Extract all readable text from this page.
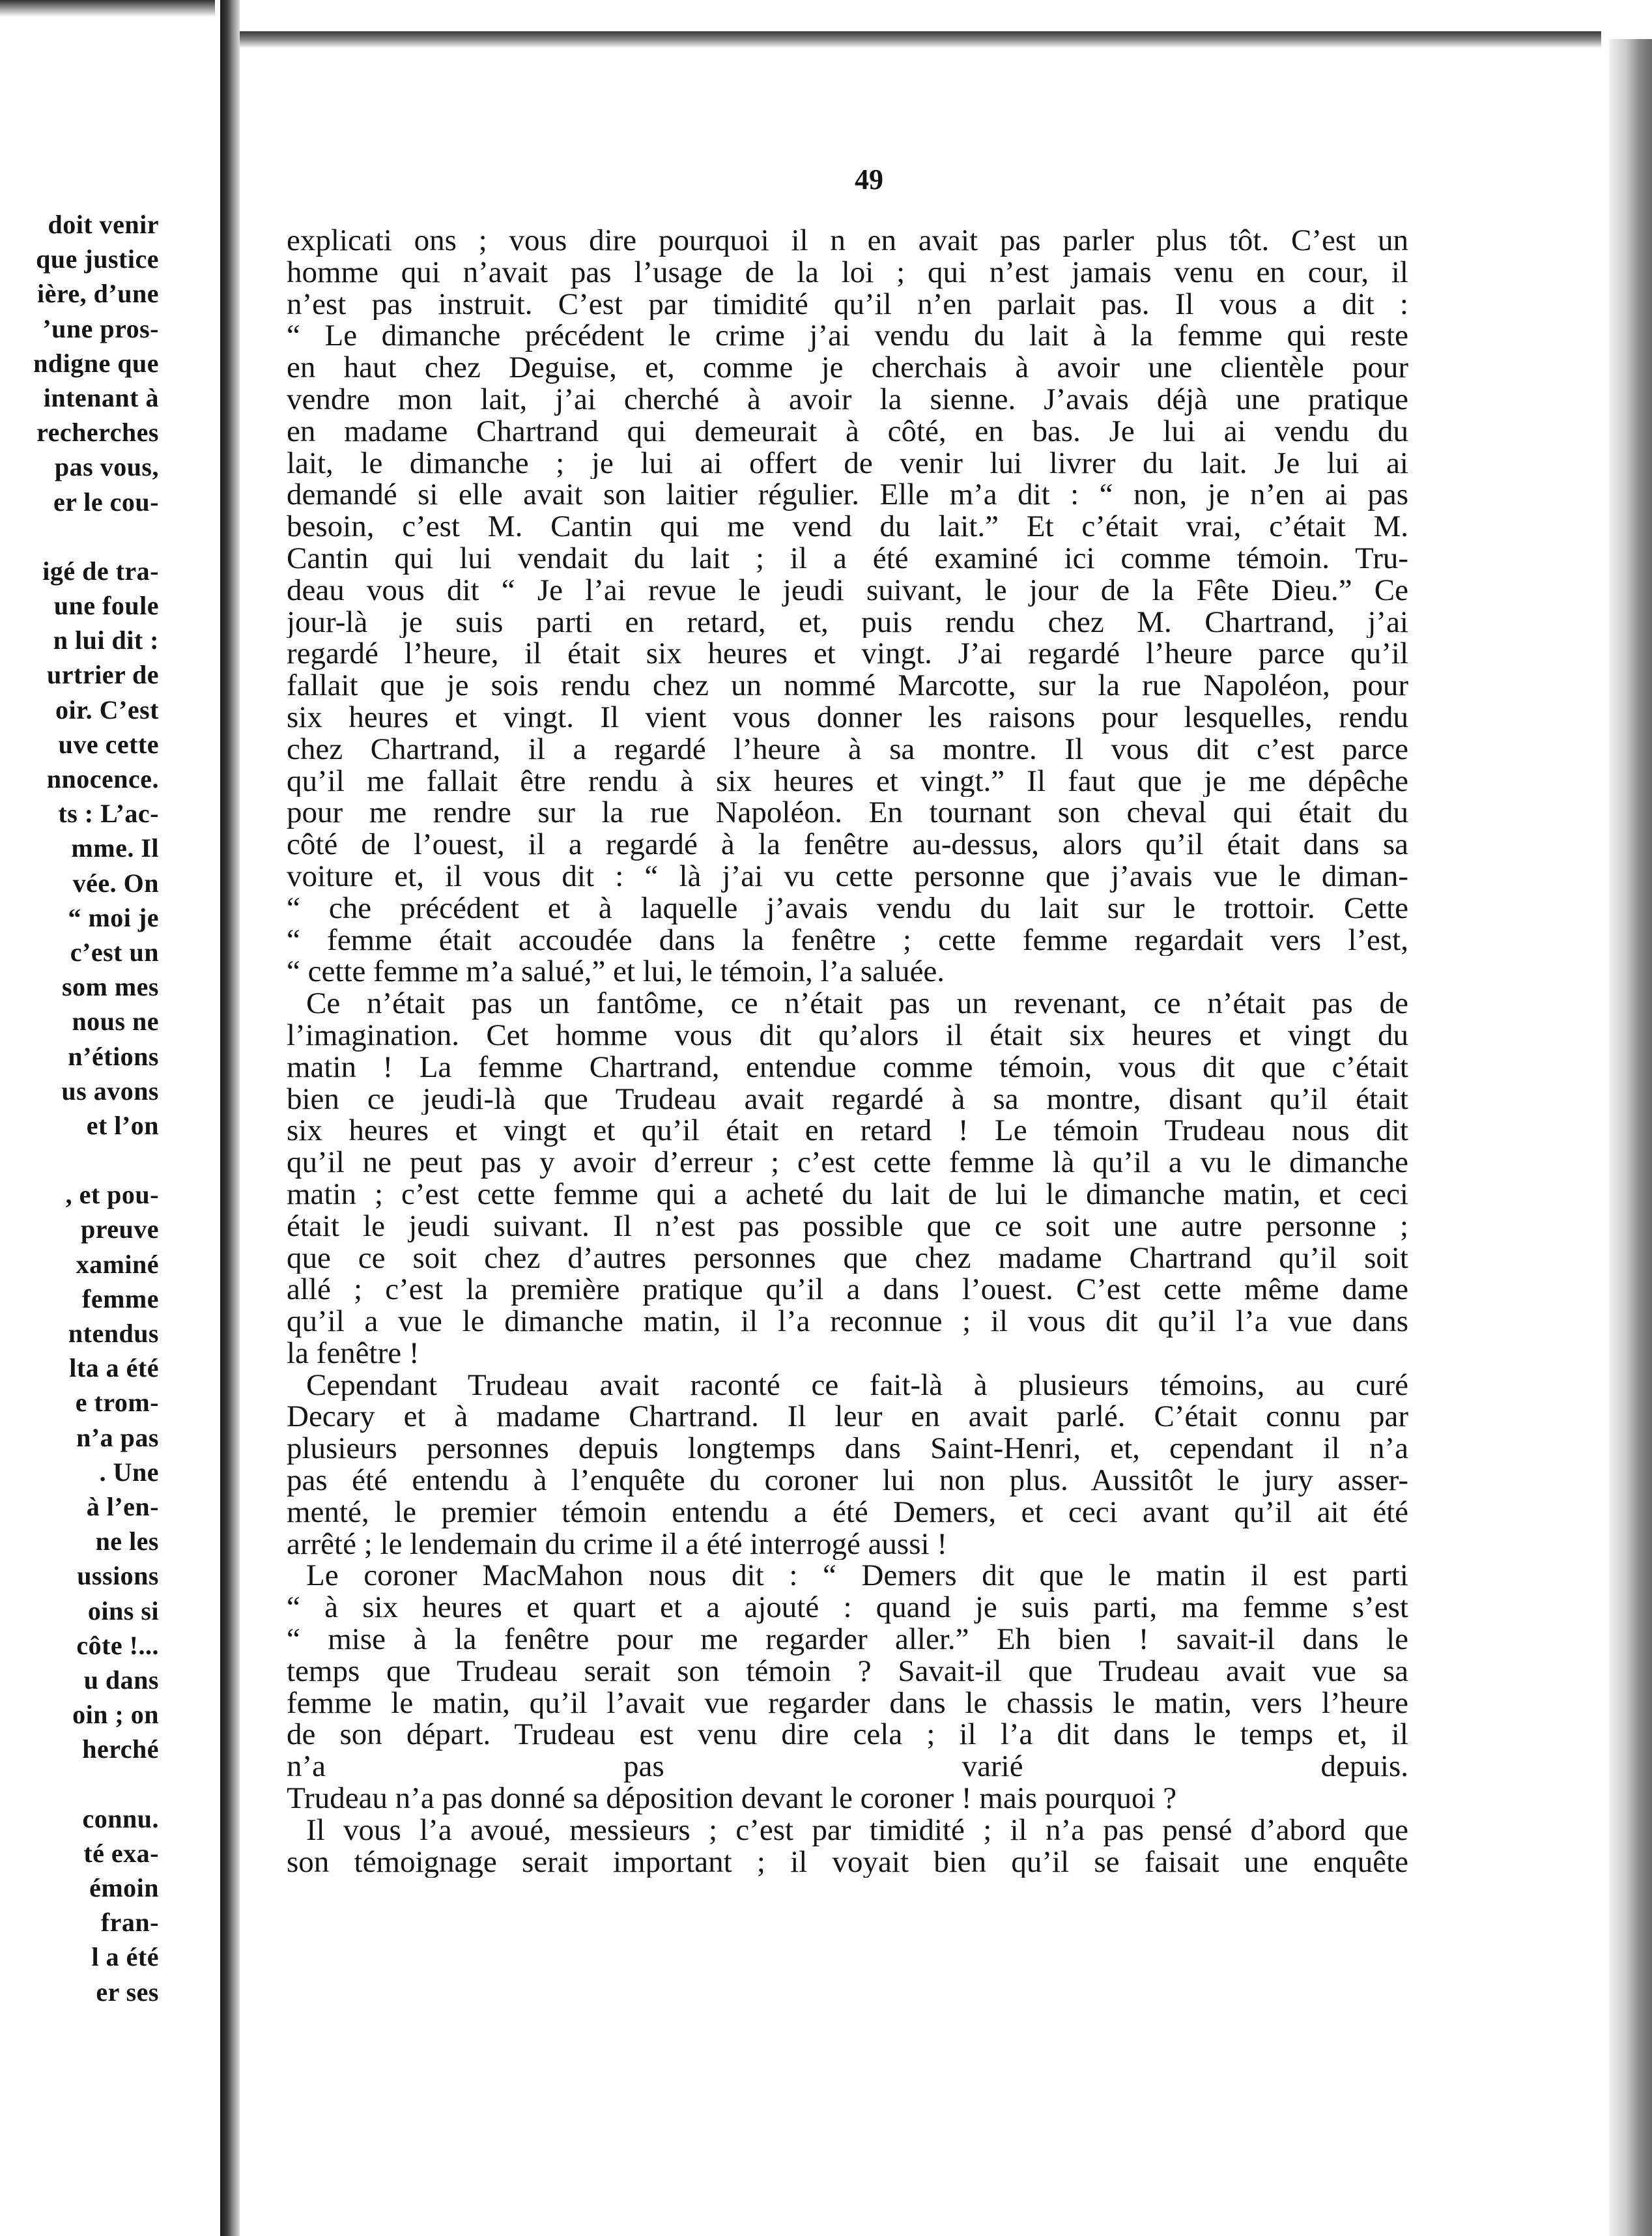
doit venir
que justice
ière, d’une
’une pros-
ndigne que
intenant à
recherches
pas vous,
er le cou-
igé de tra-
une foule
n lui dit :
urtrier de
oir. C’est
uve cette
nnocence.
ts : L’ac-
mme. Il
vée. On
“ moi je
c’est un
som mes
nous ne
n’étions
us avons
et l’on
, et pou-
preuve
xaminé
femme
ntendus
lta a été
e trom-
n’a pas
. Une
à l’en-
ne les
ussions
oins si
côte !...
u dans
oin ; on
herché
connu.
té exa-
émoin
fran-
l a été
er ses
49
explicati ons ; vous dire pourquoi il n en avait pas parler plus tôt. C’est un
homme qui n’avait pas l’usage de la loi ; qui n’est jamais venu en cour, il
n’est pas instruit. C’est par timidité qu’il n’en parlait pas. Il vous a dit :
“ Le dimanche précédent le crime j’ai vendu du lait à la femme qui reste
en haut chez Deguise, et, comme je cherchais à avoir une clientèle pour
vendre mon lait, j’ai cherché à avoir la sienne. J’avais déjà une pratique
en madame Chartrand qui demeurait à côté, en bas. Je lui ai vendu du
lait, le dimanche ; je lui ai offert de venir lui livrer du lait. Je lui ai
demandé si elle avait son laitier régulier. Elle m’a dit : “ non, je n’en ai pas
besoin, c’est M. Cantin qui me vend du lait.” Et c’était vrai, c’était M.
Cantin qui lui vendait du lait ; il a été examiné ici comme témoin. Tru-
deau vous dit “ Je l’ai revue le jeudi suivant, le jour de la Fête Dieu.” Ce
jour-là je suis parti en retard, et, puis rendu chez M. Chartrand, j’ai
regardé l’heure, il était six heures et vingt. J’ai regardé l’heure parce qu’il
fallait que je sois rendu chez un nommé Marcotte, sur la rue Napoléon, pour
six heures et vingt. Il vient vous donner les raisons pour lesquelles, rendu
chez Chartrand, il a regardé l’heure à sa montre. Il vous dit c’est parce
qu’il me fallait être rendu à six heures et vingt.” Il faut que je me dépêche
pour me rendre sur la rue Napoléon. En tournant son cheval qui était du
côté de l’ouest, il a regardé à la fenêtre au-dessus, alors qu’il était dans sa
voiture et, il vous dit : “ là j’ai vu cette personne que j’avais vue le diman-
“ che précédent et à laquelle j’avais vendu du lait sur le trottoir. Cette
“ femme était accoudée dans la fenêtre ; cette femme regardait vers l’est,
“ cette femme m’a salué,” et lui, le témoin, l’a saluée.
Ce n’était pas un fantôme, ce n’était pas un revenant, ce n’était pas de
l’imagination. Cet homme vous dit qu’alors il était six heures et vingt du
matin ! La femme Chartrand, entendue comme témoin, vous dit que c’était
bien ce jeudi-là que Trudeau avait regardé à sa montre, disant qu’il était
six heures et vingt et qu’il était en retard ! Le témoin Trudeau nous dit
qu’il ne peut pas y avoir d’erreur ; c’est cette femme là qu’il a vu le dimanche
matin ; c’est cette femme qui a acheté du lait de lui le dimanche matin, et ceci
était le jeudi suivant. Il n’est pas possible que ce soit une autre personne ;
que ce soit chez d’autres personnes que chez madame Chartrand qu’il soit
allé ; c’est la première pratique qu’il a dans l’ouest. C’est cette même dame
qu’il a vue le dimanche matin, il l’a reconnue ; il vous dit qu’il l’a vue dans
la fenêtre !
Cependant Trudeau avait raconté ce fait-là à plusieurs témoins, au curé
Decary et à madame Chartrand. Il leur en avait parlé. C’était connu par
plusieurs personnes depuis longtemps dans Saint-Henri, et, cependant il n’a
pas été entendu à l’enquête du coroner lui non plus. Aussitôt le jury asser-
menté, le premier témoin entendu a été Demers, et ceci avant qu’il ait été
arrêté ; le lendemain du crime il a été interrogé aussi !
Le coroner MacMahon nous dit : “ Demers dit que le matin il est parti
“ à six heures et quart et a ajouté : quand je suis parti, ma femme s’est
“ mise à la fenêtre pour me regarder aller.” Eh bien ! savait-il dans le
temps que Trudeau serait son témoin ? Savait-il que Trudeau avait vue sa
femme le matin, qu’il l’avait vue regarder dans le chassis le matin, vers l’heure
de son départ. Trudeau est venu dire cela ; il l’a dit dans le temps et, il
n’a pas varié depuis.
Trudeau n’a pas donné sa déposition devant le coroner ! mais pourquoi ?
Il vous l’a avoué, messieurs ; c’est par timidité ; il n’a pas pensé d’abord que
son témoignage serait important ; il voyait bien qu’il se faisait une enquête
